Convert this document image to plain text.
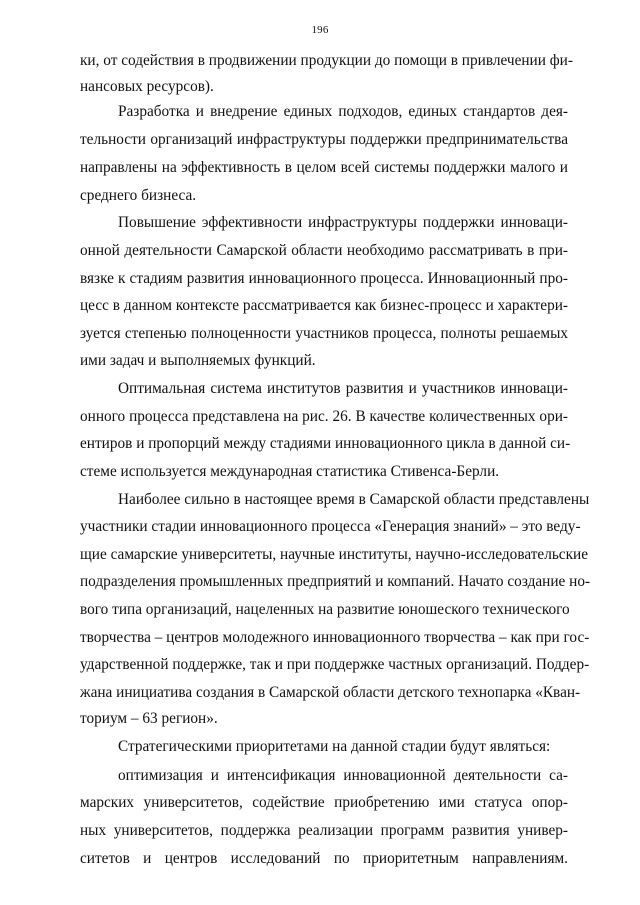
196
ки, от содействия в продвижении продукции до помощи в привлечении фи-
нансовых ресурсов).
Разработка и внедрение единых подходов, единых стандартов дея-
тельности организаций инфраструктуры поддержки предпринимательства
направлены на эффективность в целом всей системы поддержки малого и
среднего бизнеса.
Повышение эффективности инфраструктуры поддержки инноваци-
онной деятельности Самарской области необходимо рассматривать в при-
вязке к стадиям развития инновационного процесса. Инновационный про-
цесс в данном контексте рассматривается как бизнес-процесс и характери-
зуется степенью полноценности участников процесса, полноты решаемых
ими задач и выполняемых функций.
Оптимальная система институтов развития и участников инноваци-
онного процесса представлена на рис. 26. В качестве количественных ори-
ентиров и пропорций между стадиями инновационного цикла в данной си-
стеме используется международная статистика Стивенса-Берли.
Наиболее сильно в настоящее время в Самарской области представлены
участники стадии инновационного процесса «Генерация знаний» – это веду-
щие самарские университеты, научные институты, научно-исследовательские
подразделения промышленных предприятий и компаний. Начато создание но-
вого типа организаций, нацеленных на развитие юношеского технического
творчества – центров молодежного инновационного творчества – как при гос-
ударственной поддержке, так и при поддержке частных организаций. Поддер-
жана инициатива создания в Самарской области детского технопарка «Кван-
ториум – 63 регион».
Стратегическими приоритетами на данной стадии будут являться:
оптимизация и интенсификация инновационной деятельности са-
марских университетов, содействие приобретению ими статуса опор-
ных университетов, поддержка реализации программ развития универ-
ситетов и центров исследований по приоритетным направлениям.
